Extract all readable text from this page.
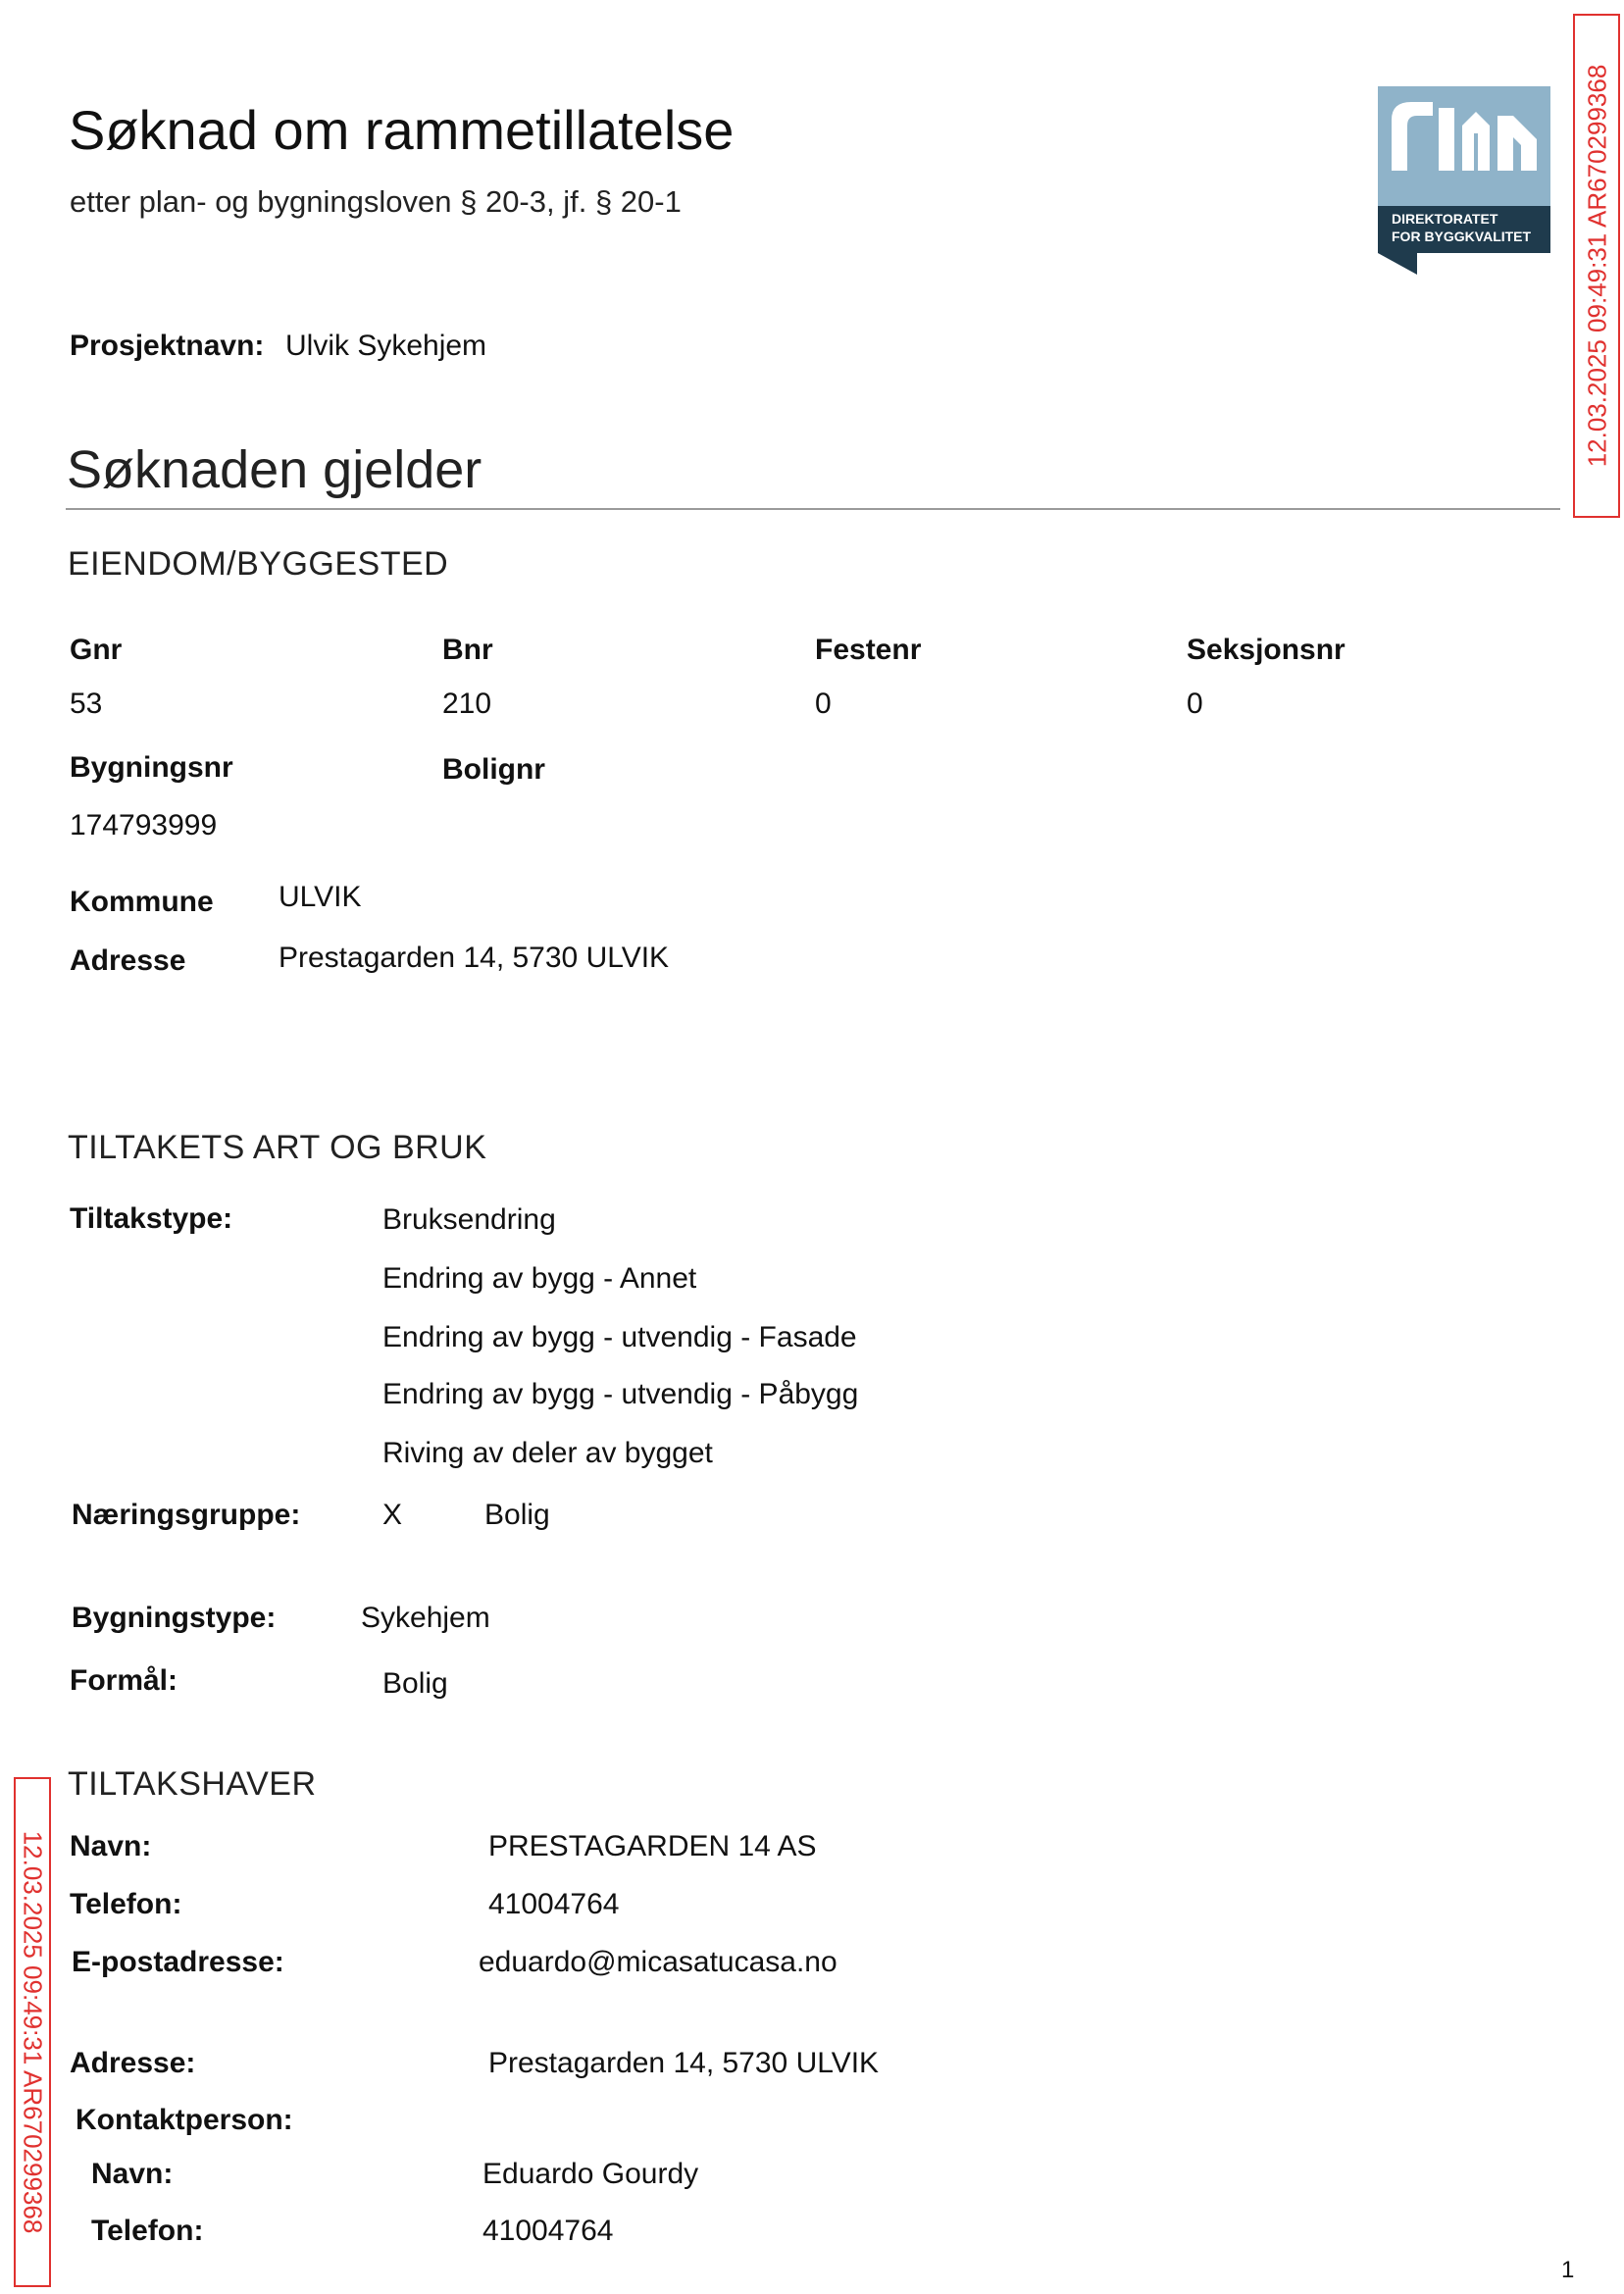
Søknad om rammetillatelse
etter plan- og bygningsloven § 20-3, jf. § 20-1	DIREKTORATET
FOR BYGGKVALITET 12.03.2025 09:49:31 AR670299368
12.03.2025 09:49:31 AR670299368
Prosjektnavn: Ulvik Sykehjem
Søknaden gjelder
EIENDOM/BYGGESTED
Gnr	Bnr	Festenr	Seksjonsnr
53	210	0	0
Bygningsnr	Bolignr
174793999
Kommune ULVIK
Adresse	Prestagarden 14, 5730 ULVIK
TILTAKETS ART OG BRUK
Tiltakstype:	Bruksendring
Endring av bygg - Annet
Endring av bygg - utvendig - Fasade
Endring av bygg - utvendig - Påbygg
Riving av deler av bygget
Næringsgruppe:	X	Bolig
Bygningstype:	Sykehjem
Formål:	Bolig
TILTAKSHAVER
Navn:	PRESTAGARDEN 14 AS
Telefon:	41004764
E-postadresse:	eduardo@micasatucasa.no
Adresse:	Prestagarden 14, 5730 ULVIK
Kontaktperson:
Navn:	Eduardo Gourdy
Telefon:	41004764
1
